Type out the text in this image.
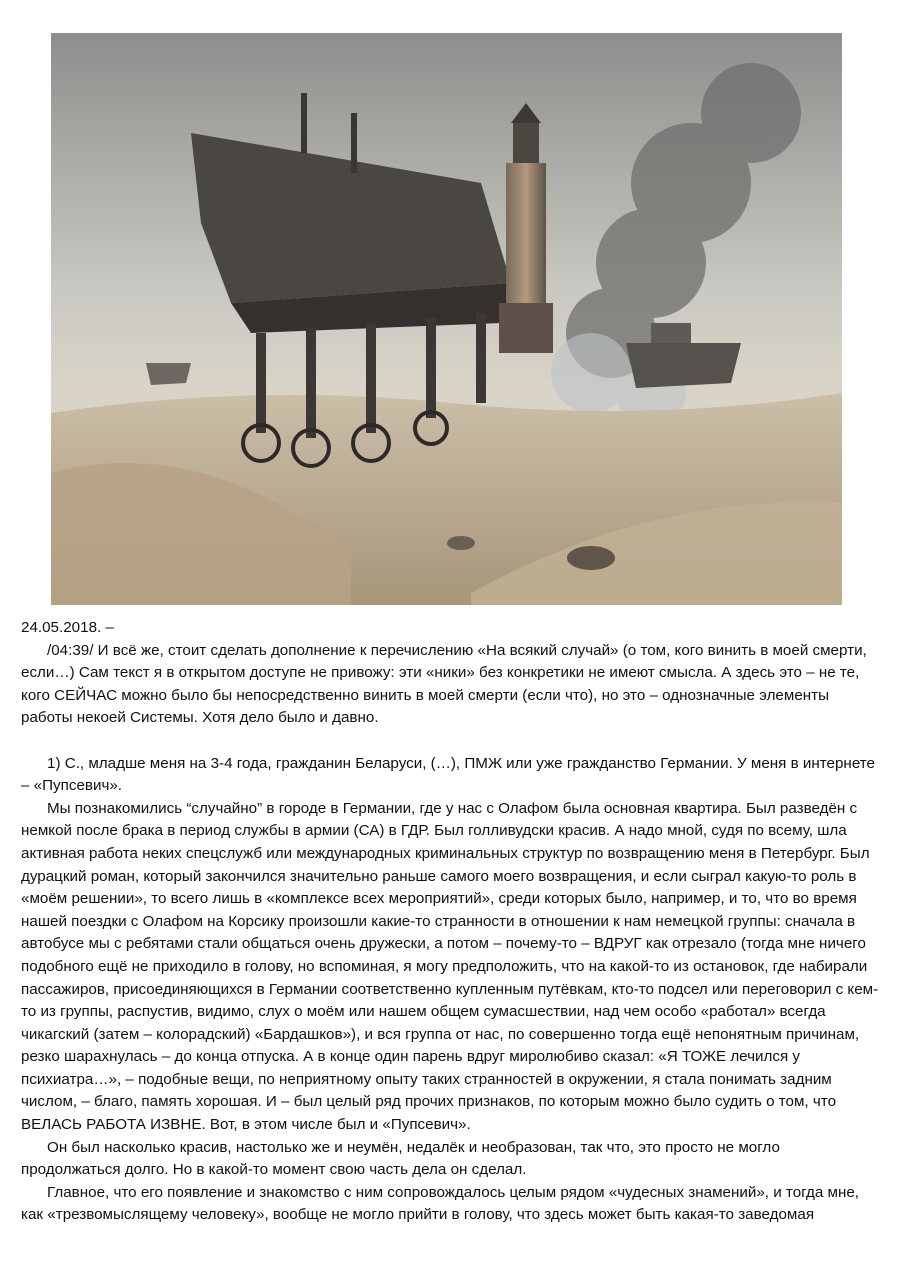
24.05.2018. –

/04:39/ И всё же, стоит сделать дополнение к перечислению «На всякий случай» (о том, кого винить в моей смерти, если…) Сам текст я в открытом доступе не привожу: эти «ники» без конкретики не имеют смысла. А здесь это – не те, кого СЕЙЧАС можно было бы непосредственно винить в моей смерти (если что), но это – однозначные элементы работы некоей Системы. Хотя дело было и давно.

1) С., младше меня на 3-4 года, гражданин Беларуси, (…), ПМЖ или уже гражданство Германии. У меня в интернете – «Пупсевич».

Мы познакомились “случайно” в городе в Германии, где у нас с Олафом была основная квартира. Был разведён с немкой после брака в период службы в армии (СА) в ГДР. Был голливудски красив. А надо мной, судя по всему, шла активная работа неких спецслужб или международных криминальных структур по возвращению меня в Петербург. Был дурацкий роман, который закончился значительно раньше самого моего возвращения, и если сыграл какую-то роль в «моём решении», то всего лишь в «комплексе всех мероприятий», среди которых было, например, и то, что во время нашей поездки с Олафом на Корсику произошли какие-то странности в отношении к нам немецкой группы: сначала в автобусе мы с ребятами стали общаться очень дружески, а потом – почему-то – ВДРУГ как отрезало (тогда мне ничего подобного ещё не приходило в голову, но вспоминая, я могу предположить, что на какой-то из остановок, где набирали пассажиров, присоединяющихся в Германии соответственно купленным путёвкам, кто-то подсел или переговорил с кем-то из группы, распустив, видимо, слух о моём или нашем общем сумасшествии, над чем особо «работал» всегда чикагский (затем – колорадский) «Бардашков»), и вся группа от нас, по совершенно тогда ещё непонятным причинам, резко шарахнулась – до конца отпуска. А в конце один парень вдруг миролюбиво сказал: «Я ТОЖЕ лечился у психиатра…», – подобные вещи, по неприятному опыту таких странностей в окружении, я стала понимать задним числом, – благо, память хорошая. И – был целый ряд прочих признаков, по которым можно было судить о том, что ВЕЛАСЬ РАБОТА ИЗВНЕ. Вот, в этом числе был и «Пупсевич».

Он был насколько красив, настолько же и неумён, недалёк и необразован, так что, это просто не могло продолжаться долго. Но в какой-то момент свою часть дела он сделал.

Главное, что его появление и знакомство с ним сопровождалось целым рядом «чудесных знамений», и тогда мне, как «трезвомыслящему человеку», вообще не могло прийти в голову, что здесь может быть какая-то заведомая
